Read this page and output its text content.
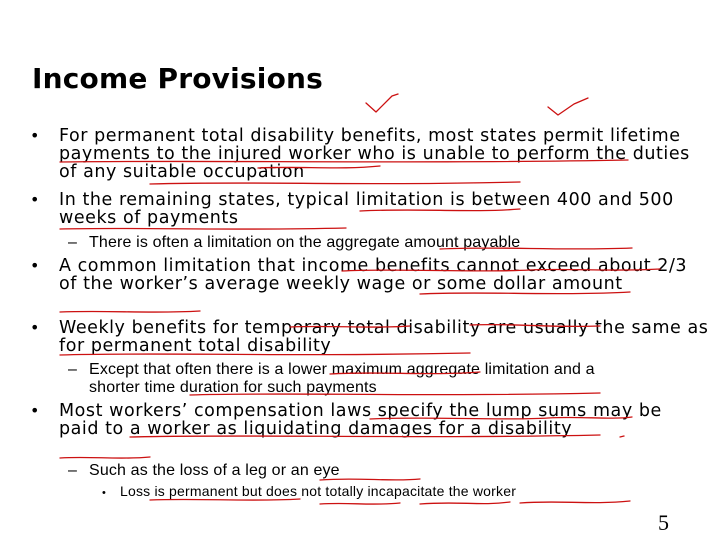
Income Provisions
• For permanent total disability benefits, most states permit lifetime payments to the injured worker who is unable to perform the duties of any suitable occupation
• In the remaining states, typical limitation is between 400 and 500 weeks of payments
– There is often a limitation on the aggregate amount payable
• A common limitation that income benefits cannot exceed about 2/3 of the worker’s average weekly wage or some dollar amount
• Weekly benefits for temporary total disability are usually the same as for permanent total disability
– Except that often there is a lower maximum aggregate limitation and a shorter time duration for such payments
• Most workers’ compensation laws specify the lump sums may be paid to a worker as liquidating damages for a disability
– Such as the loss of a leg or an eye
• Loss is permanent but does not totally incapacitate the worker
5
